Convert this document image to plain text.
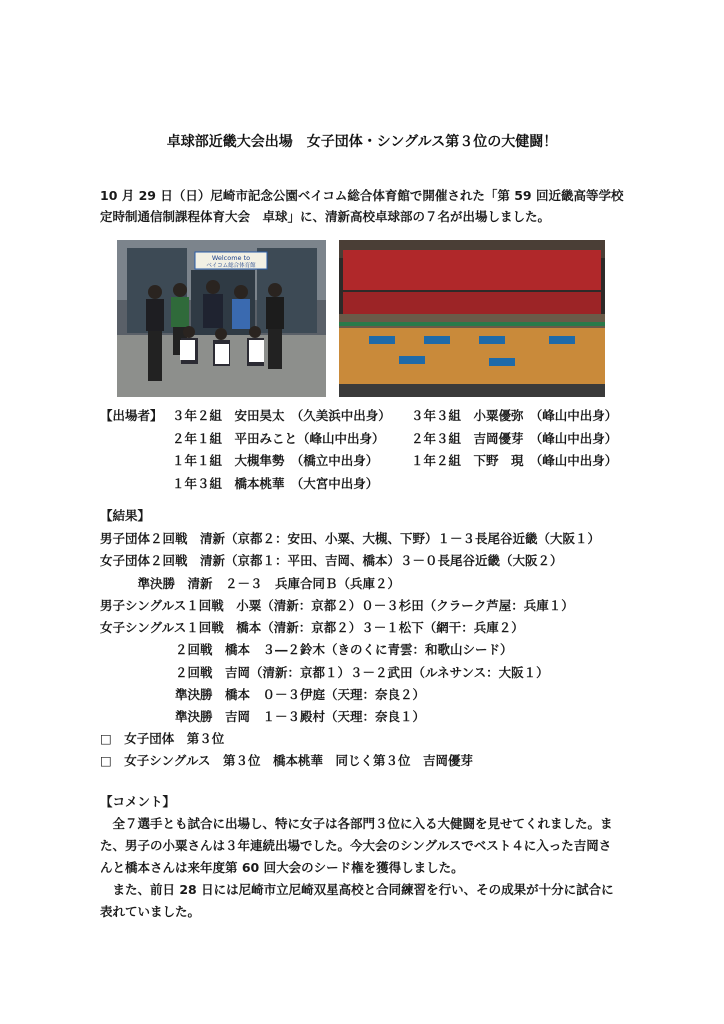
卓球部近畿大会出場　女子団体・シングルス第３位の大健闘！
10 月 29 日（日）尼崎市記念公園ベイコム総合体育館で開催された「第 59 回近畿高等学校
定時制通信制課程体育大会　卓球」に、清新高校卓球部の７名が出場しました。
Welcome to
ベイコム総合体育館
【出場者】 ３年２組　安田昊太　（久美浜中出身） ３年３組　小粟優弥　（峰山中出身）
２年１組　平田みこと（峰山中出身） ２年３組　吉岡優芽　（峰山中出身）
１年１組　大槻隼勢　（橋立中出身）	１年２組　下野　現　（峰山中出身）
１年３組　橋本桃華　（大宮中出身）
【結果】
男子団体２回戦　清新（京都２：安田、小粟、大槻、下野）１－３長尾谷近畿（大阪１）
女子団体２回戦　清新（京都１：平田、吉岡、橋本）３－０長尾谷近畿（大阪２）
　　　準決勝　清新　２－３　兵庫合同Ｂ（兵庫２）
男子シングルス１回戦　小粟（清新：京都２）０－３杉田（クラーク芦屋：兵庫１）
女子シングルス１回戦　橋本（清新：京都２）３－１松下（網干：兵庫２）
　　　　　　２回戦　橋本　３―２鈴木（きのくに青雲：和歌山シード）
　　　　　　２回戦　吉岡（清新：京都１）３－２武田（ルネサンス：大阪１）
　　　　　　準決勝　橋本　０－３伊庭（天理：奈良２）
　　　　　　準決勝　吉岡　１－３殿村（天理：奈良１）
□　女子団体　第３位
□　女子シングルス　第３位　橋本桃華　同じく第３位　吉岡優芽
【コメント】
　全７選手とも試合に出場し、特に女子は各部門３位に入る大健闘を見せてくれました。ま
た、男子の小粟さんは３年連続出場でした。今大会のシングルスでベスト４に入った吉岡さ
んと橋本さんは来年度第 60 回大会のシード権を獲得しました。
　また、前日 28 日には尼崎市立尼崎双星高校と合同練習を行い、その成果が十分に試合に
表れていました。
